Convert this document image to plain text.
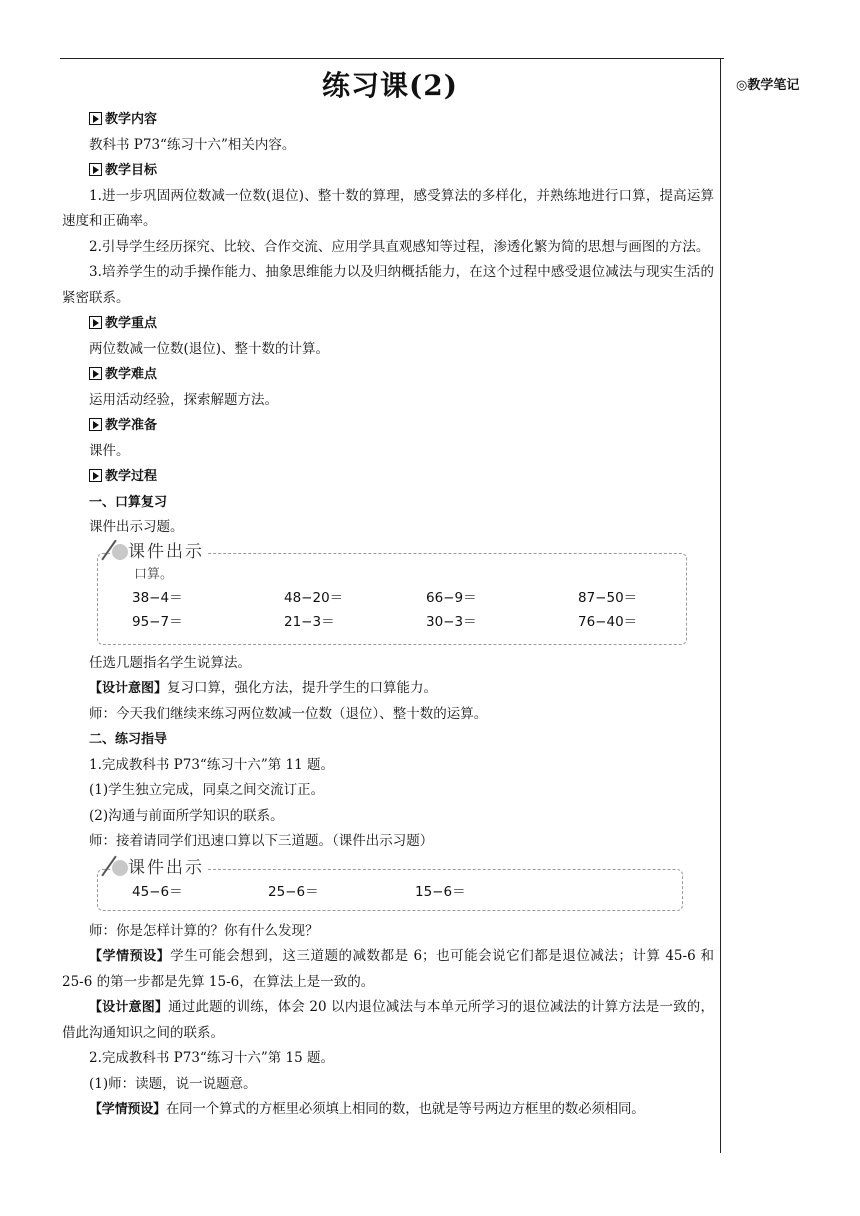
◎教学笔记
练习课(2)
教学内容
教科书 P73“练习十六”相关内容。
教学目标
1.进一步巩固两位数减一位数(退位)、整十数的算理，感受算法的多样化，并熟练地进行口算，提高运算速度和正确率。
2.引导学生经历探究、比较、合作交流、应用学具直观感知等过程，渗透化繁为简的思想与画图的方法。
3.培养学生的动手操作能力、抽象思维能力以及归纳概括能力，在这个过程中感受退位减法与现实生活的紧密联系。
教学重点
两位数减一位数(退位)、整十数的计算。
教学难点
运用活动经验，探索解题方法。
教学准备
课件。
教学过程
一、口算复习
课件出示习题。
课件出示
口算。
38−4＝	48−20＝	66−9＝	87−50＝
95−7＝	21−3＝	30−3＝	76−40＝
任选几题指名学生说算法。
【设计意图】复习口算，强化方法，提升学生的口算能力。
师：今天我们继续来练习两位数减一位数（退位）、整十数的运算。
二、练习指导
1.完成教科书 P73“练习十六”第 11 题。
(1)学生独立完成，同桌之间交流订正。
(2)沟通与前面所学知识的联系。
师：接着请同学们迅速口算以下三道题。（课件出示习题）
课件出示
45−6＝	25−6＝	15−6＝
师：你是怎样计算的？你有什么发现？
【学情预设】学生可能会想到，这三道题的减数都是 6；也可能会说它们都是退位减法；计算 45-6 和 25-6 的第一步都是先算 15-6，在算法上是一致的。
【设计意图】通过此题的训练，体会 20 以内退位减法与本单元所学习的退位减法的计算方法是一致的，借此沟通知识之间的联系。
2.完成教科书 P73“练习十六”第 15 题。
(1)师：读题，说一说题意。
【学情预设】在同一个算式的方框里必须填上相同的数，也就是等号两边方框里的数必须相同。
